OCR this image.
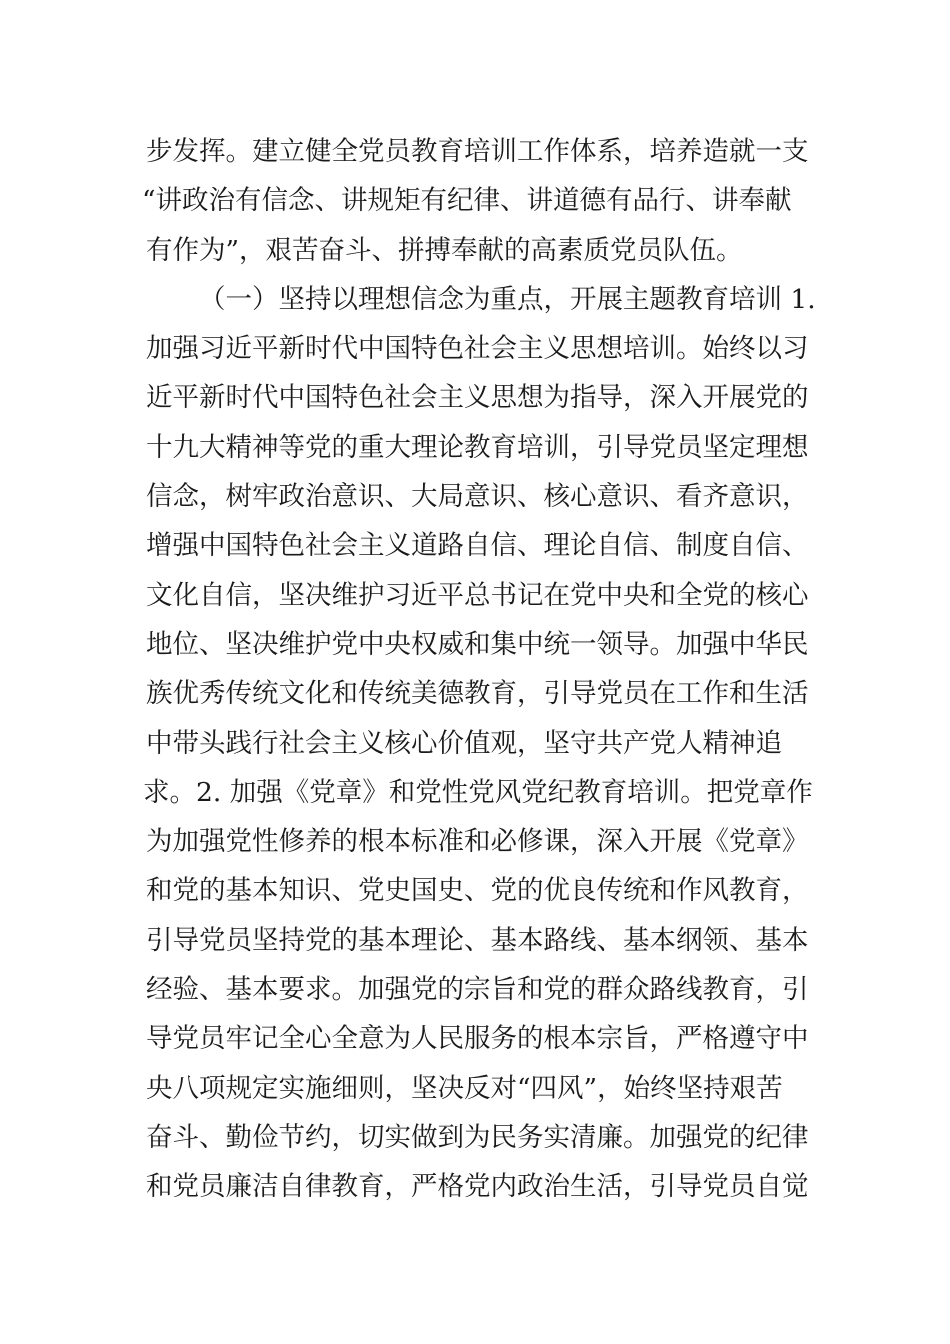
步发挥。建立健全党员教育培训工作体系，培养造就一支
“讲政治有信念、讲规矩有纪律、讲道德有品行、讲奉献
有作为”，艰苦奋斗、拼搏奉献的高素质党员队伍。
（一）坚持以理想信念为重点，开展主题教育培训 1.
加强习近平新时代中国特色社会主义思想培训。始终以习
近平新时代中国特色社会主义思想为指导，深入开展党的
十九大精神等党的重大理论教育培训，引导党员坚定理想
信念，树牢政治意识、大局意识、核心意识、看齐意识，
增强中国特色社会主义道路自信、理论自信、制度自信、
文化自信，坚决维护习近平总书记在党中央和全党的核心
地位、坚决维护党中央权威和集中统一领导。加强中华民
族优秀传统文化和传统美德教育，引导党员在工作和生活
中带头践行社会主义核心价值观，坚守共产党人精神追
求。2. 加强《党章》和党性党风党纪教育培训。把党章作
为加强党性修养的根本标准和必修课，深入开展《党章》
和党的基本知识、党史国史、党的优良传统和作风教育，
引导党员坚持党的基本理论、基本路线、基本纲领、基本
经验、基本要求。加强党的宗旨和党的群众路线教育，引
导党员牢记全心全意为人民服务的根本宗旨，严格遵守中
央八项规定实施细则，坚决反对“四风”，始终坚持艰苦
奋斗、勤俭节约，切实做到为民务实清廉。加强党的纪律
和党员廉洁自律教育，严格党内政治生活，引导党员自觉
